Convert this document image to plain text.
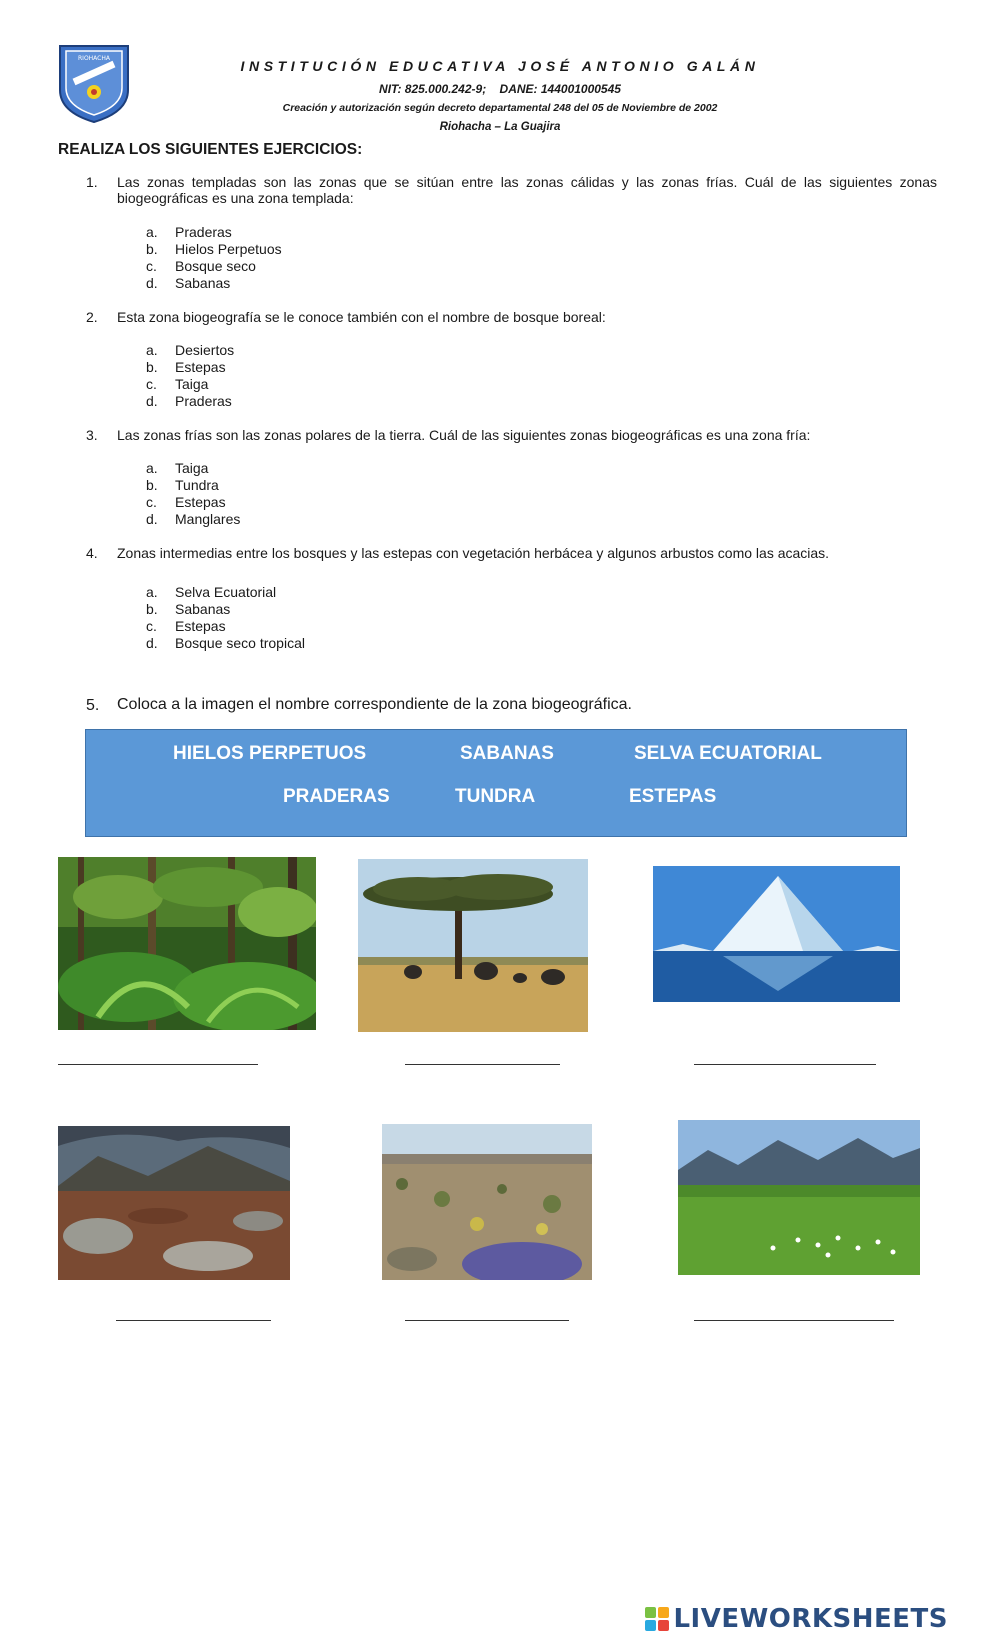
RIOHACHA	INSTITUCIÓN EDUCATIVA JOSÉ ANTONIO GALÁN
NIT: 825.000.242-9;    DANE: 144001000545
Creación y autorización según decreto departamental 248 del 05 de Noviembre de 2002
Riohacha – La Guajira
REALIZA LOS SIGUIENTES EJERCICIOS:
1. Las zonas templadas son las zonas que se sitúan entre las zonas cálidas y las zonas frías. Cuál de las siguientes zonas biogeográficas es una zona templada:
a.	Praderas
b.	Hielos Perpetuos
c.	Bosque seco
d.	Sabanas
2. Esta zona biogeografía se le conoce también con el nombre de bosque boreal:
a.	Desiertos
b.	Estepas
c.	Taiga
d.	Praderas
3. Las zonas frías son las zonas polares de la tierra. Cuál de las siguientes zonas biogeográficas es una zona fría:
a.	Taiga
b.	Tundra
c.	Estepas
d.	Manglares
4. Zonas intermedias entre los bosques y las estepas con vegetación herbácea y algunos arbustos como las acacias.
a.	Selva Ecuatorial
b.	Sabanas
c.	Estepas
d.	Bosque seco tropical
5. Coloca a la imagen el nombre correspondiente de la zona biogeográfica.
HIELOS PERPETUOS	SABANAS	SELVA ECUATORIAL
PRADERAS	TUNDRA	ESTEPAS
LIVEWORKSHEETS
